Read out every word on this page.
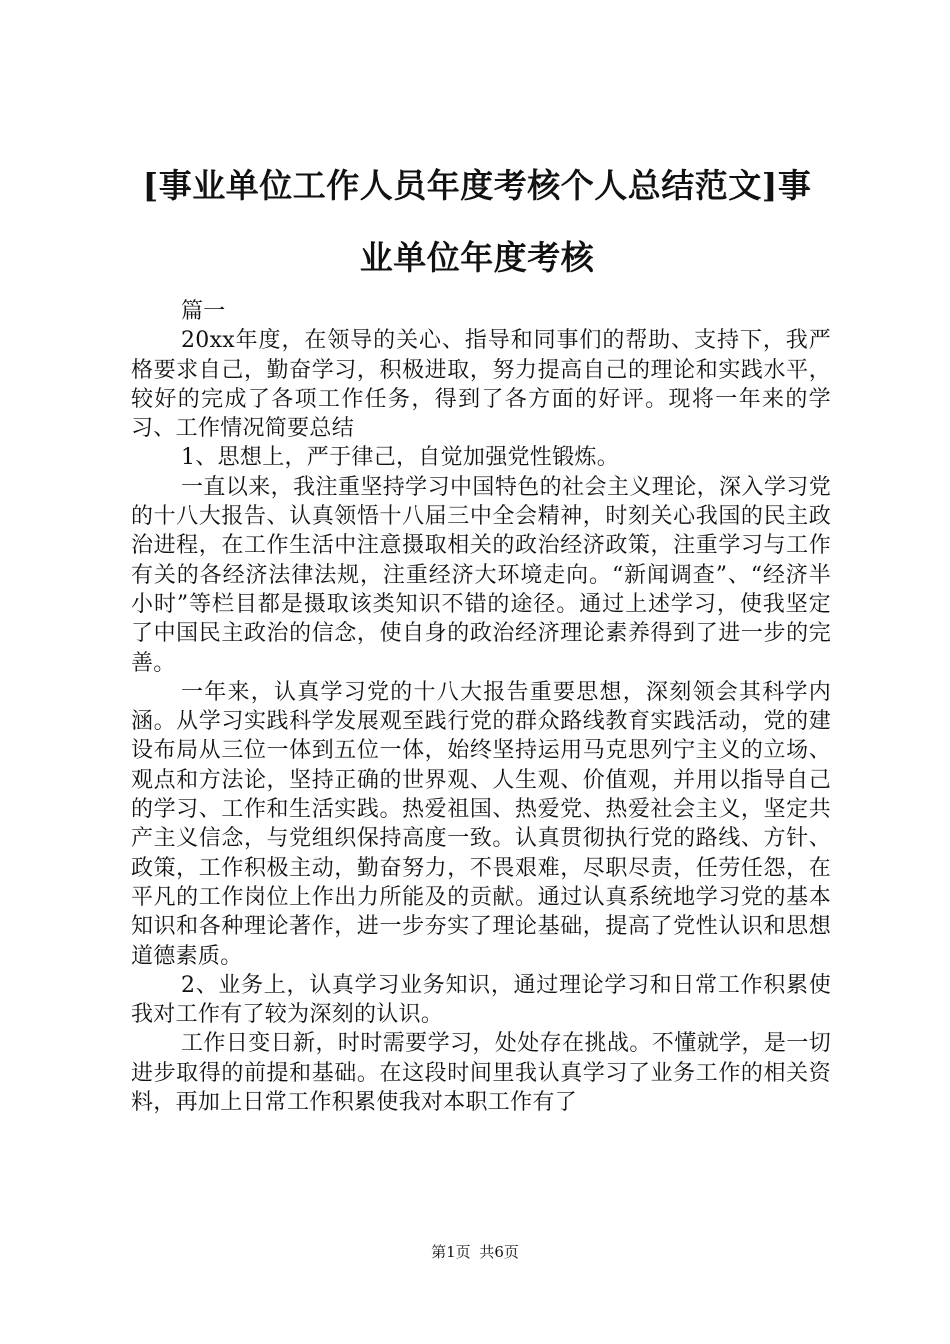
[事业单位工作人员年度考核个人总结范文]事
业单位年度考核

篇一

20xx年度，在领导的关心、指导和同事们的帮助、支持下，我严格要求自己，勤奋学习，积极进取，努力提高自己的理论和实践水平，较好的完成了各项工作任务，得到了各方面的好评。现将一年来的学习、工作情况简要总结

1、思想上，严于律己，自觉加强党性锻炼。

一直以来，我注重坚持学习中国特色的社会主义理论，深入学习党的十八大报告、认真领悟十八届三中全会精神，时刻关心我国的民主政治进程，在工作生活中注意摄取相关的政治经济政策，注重学习与工作有关的各经济法律法规，注重经济大环境走向。“新闻调查”、“经济半小时”等栏目都是摄取该类知识不错的途径。通过上述学习，使我坚定了中国民主政治的信念，使自身的政治经济理论素养得到了进一步的完善。

一年来，认真学习党的十八大报告重要思想，深刻领会其科学内涵。从学习实践科学发展观至践行党的群众路线教育实践活动，党的建设布局从三位一体到五位一体，始终坚持运用马克思列宁主义的立场、观点和方法论，坚持正确的世界观、人生观、价值观，并用以指导自己的学习、工作和生活实践。热爱祖国、热爱党、热爱社会主义，坚定共产主义信念，与党组织保持高度一致。认真贯彻执行党的路线、方针、政策，工作积极主动，勤奋努力，不畏艰难，尽职尽责，任劳任怨，在平凡的工作岗位上作出力所能及的贡献。通过认真系统地学习党的基本知识和各种理论著作，进一步夯实了理论基础，提高了党性认识和思想道德素质。

2、业务上，认真学习业务知识，通过理论学习和日常工作积累使我对工作有了较为深刻的认识。

工作日变日新，时时需要学习，处处存在挑战。不懂就学，是一切进步取得的前提和基础。在这段时间里我认真学习了业务工作的相关资料，再加上日常工作积累使我对本职工作有了

第1页 共6页
